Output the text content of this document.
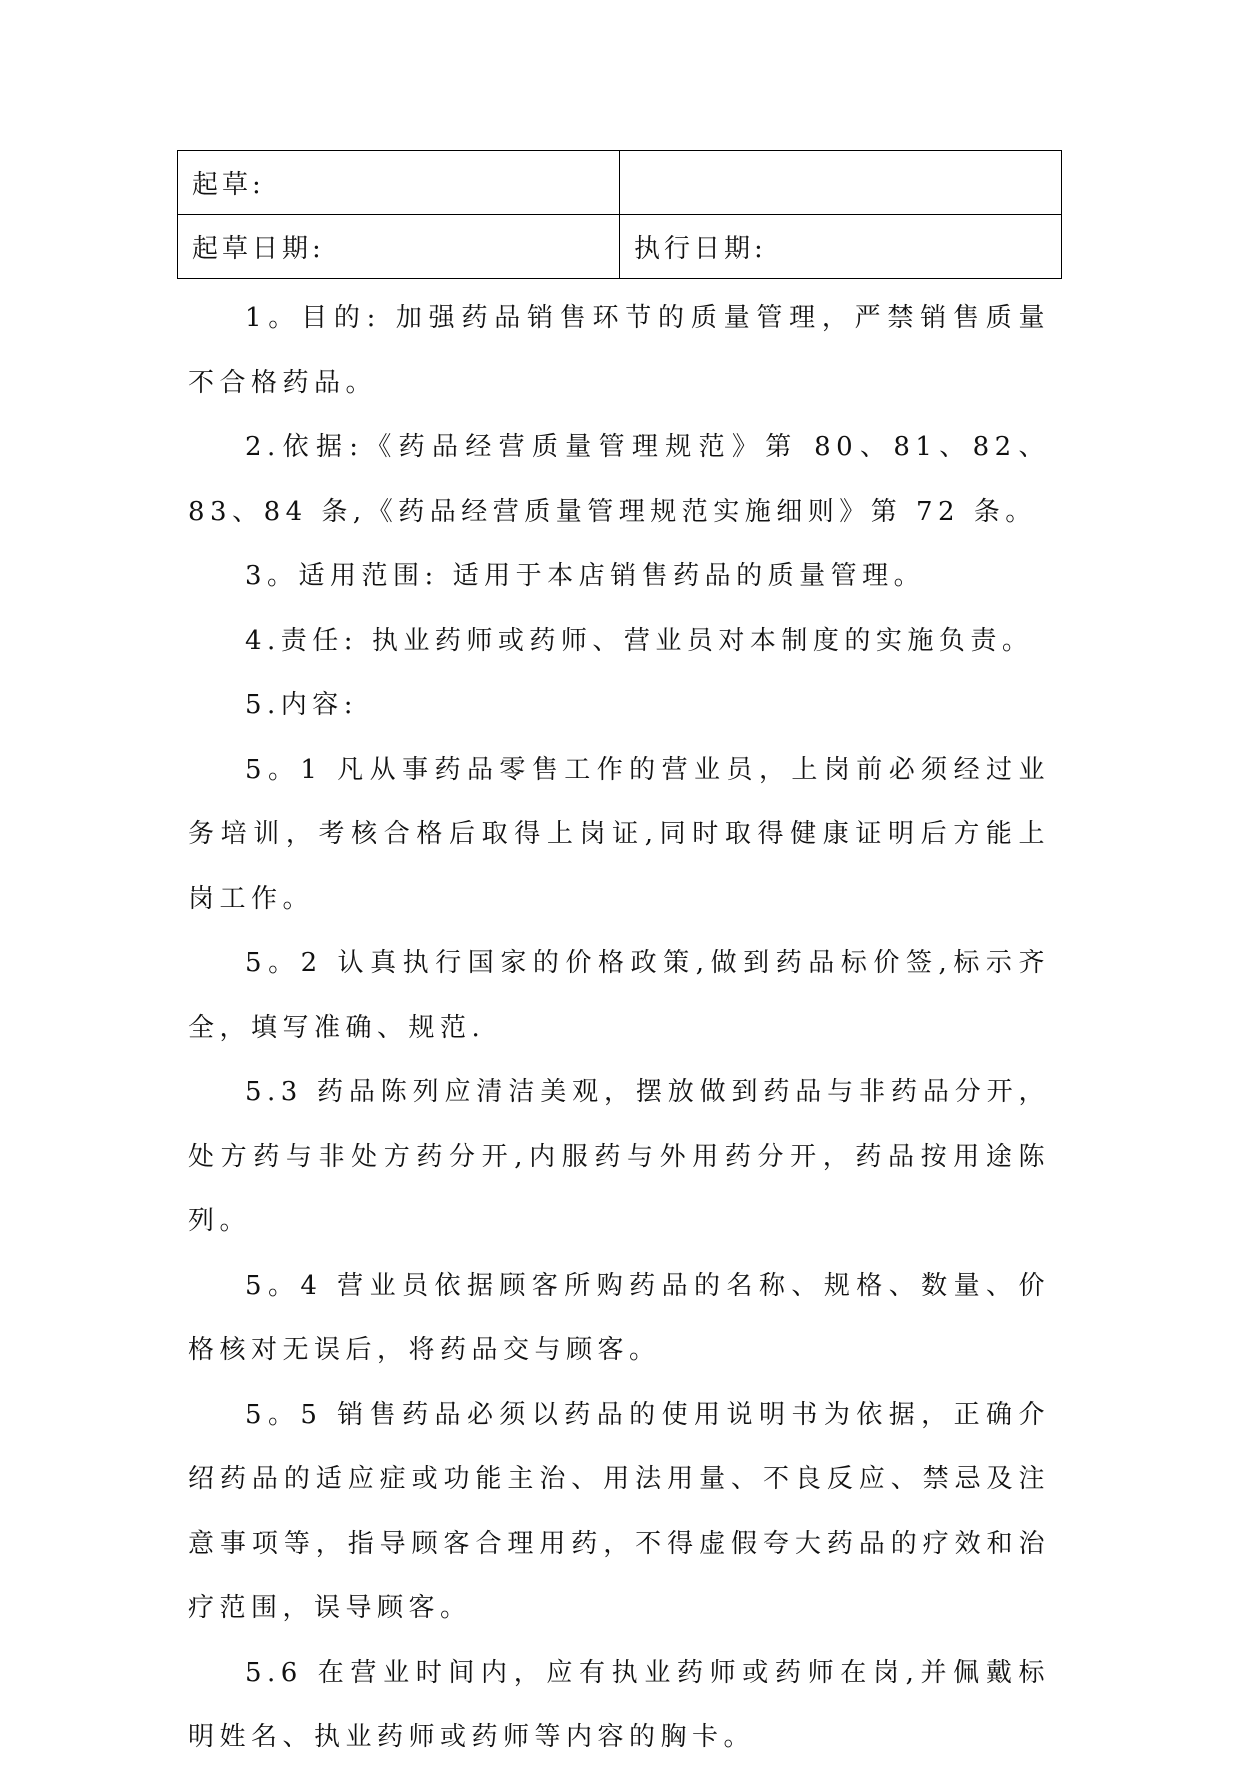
起草:	
起草日期:	执行日期:

1。目的: 加强药品销售环节的质量管理，严禁销售质量不合格药品。

2.依据:《药品经营质量管理规范》第 80、81、82、83、84 条,《药品经营质量管理规范实施细则》第 72 条。

3。适用范围: 适用于本店销售药品的质量管理。

4.责任: 执业药师或药师、营业员对本制度的实施负责。

5.内容:

5。1 凡从事药品零售工作的营业员，上岗前必须经过业务培训，考核合格后取得上岗证,同时取得健康证明后方能上岗工作。

5。2 认真执行国家的价格政策,做到药品标价签,标示齐全，填写准确、规范.

5.3 药品陈列应清洁美观，摆放做到药品与非药品分开，处方药与非处方药分开,内服药与外用药分开，药品按用途陈列。

5。4 营业员依据顾客所购药品的名称、规格、数量、价格核对无误后，将药品交与顾客。

5。5 销售药品必须以药品的使用说明书为依据，正确介绍药品的适应症或功能主治、用法用量、不良反应、禁忌及注意事项等，指导顾客合理用药，不得虚假夸大药品的疗效和治疗范围，误导顾客。

5.6 在营业时间内，应有执业药师或药师在岗,并佩戴标明姓名、执业药师或药师等内容的胸卡。
